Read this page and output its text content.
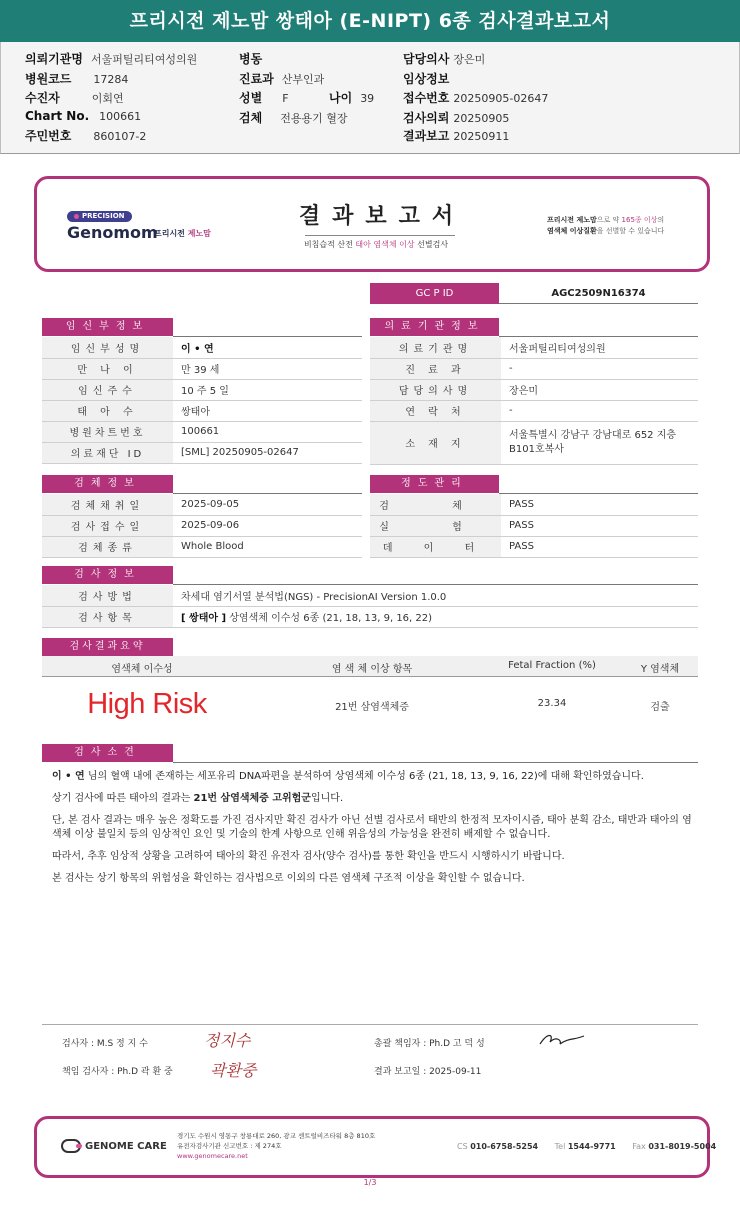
프리시전 제노맘 쌍태아 (E-NIPT) 6종 검사결과보고서
의뢰기관명 서울퍼틸리티여성의원
병원코드 17284
수진자	이회연
Chart No. 100661
주민번호 860107-2
병동
진료과 산부인과
성별 F	나이 39
검체 전용용기 혈장
담당의사 장은미
임상정보
접수번호 20250905-02647
검사의뢰 20250905
결과보고 20250911
PRECISION
Genomom
프리시전 제노맘
결과보고서
비침습적 산전 태아 염색체 이상 선별검사
프리시전 제노맘으로 약 165종 이상의
염색체 이상질환을 선별할 수 있습니다
GC P ID	AGC2509N16374
임신부정보
임신부성명	이 • 연
만 나 이	만 39 세
임신주수	10 주 5 일
태 아 수	쌍태아
병원차트번호	100661
의료재단 ID	[SML] 20250905-02647
의료기관정보
의료기관명	서울퍼틸리티여성의원
진 료 과	-
담당의사명	장은미
연 락 처	-
소 재 지	서울특별시 강남구 강남대로 652 지층
B101호복사
검체정보
검체채취일	2025-09-05
검사접수일	2025-09-06
검체종류	Whole Blood
정도관리
검 체	PASS
실 험	PASS
데 이 터	PASS
검사정보
검사방법	차세대 염기서열 분석법(NGS) - PrecisionAI Version 1.0.0
검사항목	[ 쌍태아 ] 상염색체 이수성 6종 (21, 18, 13, 9, 16, 22)
검사결과요약
염색체 이수성	염 색 체 이상 항목	Fetal Fraction (%)	Y 염색체
High Risk	21번 삼염색체증	23.34	검출
검사소견

이 • 연 님의 혈액 내에 존재하는 세포유리 DNA파편을 분석하여 상염색체 이수성 6종 (21, 18, 13, 9, 16, 22)에 대해 확인하였습니다.

상기 검사에 따른 태아의 결과는 21번 삼염색체증 고위험군입니다.

단, 본 검사 결과는 매우 높은 정확도를 가진 검사지만 확진 검사가 아닌 선별 검사로서 태반의 한정적 모자이시즘, 태아 분획 감소, 태반과 태아의 염색체 이상 불일치 등의 임상적인 요인 및 기술의 한계 사항으로 인해 위음성의 가능성을 완전히 배제할 수 없습니다.

따라서, 추후 임상적 상황을 고려하여 태아의 확진 유전자 검사(양수 검사)를 통한 확인을 반드시 시행하시기 바랍니다.

본 검사는 상기 항목의 위험성을 확인하는 검사법으로 이외의 다른 염색체 구조적 이상을 확인할 수 없습니다.

검사자 : M.S 정 지 수	정지수
책임 검사자 : Ph.D 곽 환 중 곽환중
총괄 책임자 : Ph.D 고 덕 성
결과 보고일 : 2025-09-11
GENOME CARE
경기도 수원시 영통구 창룡대로 260, 광교 센트럴비즈타워 8층 810호
유전자검사기관 신고번호 : 제 274호
www.genomecare.net
CS 010-6758-5254 Tel 1544-9771 Fax 031-8019-5004
1/3
